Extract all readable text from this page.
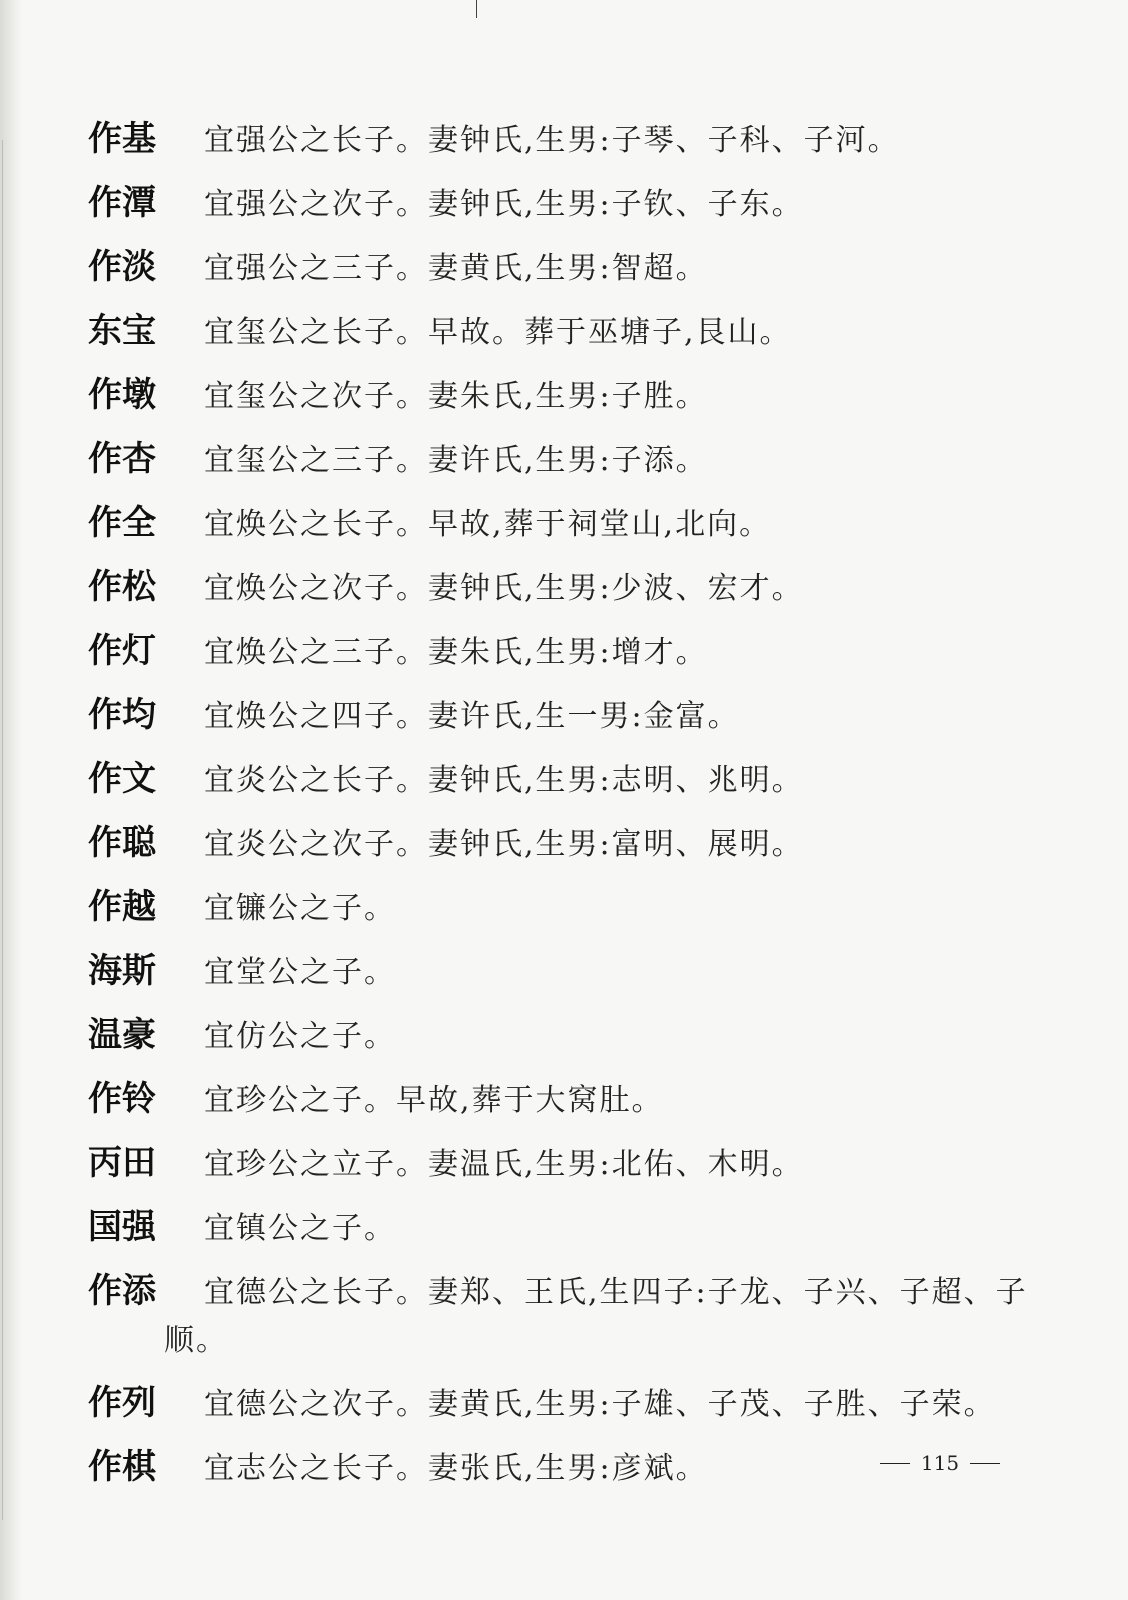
作基 宜强公之长子。妻钟氏,生男:子琴、子科、子河。
作潭 宜强公之次子。妻钟氏,生男:子钦、子东。
作淡 宜强公之三子。妻黄氏,生男:智超。
东宝 宜玺公之长子。早故。葬于巫塘子,艮山。
作墩 宜玺公之次子。妻朱氏,生男:子胜。
作杏 宜玺公之三子。妻许氏,生男:子添。
作全 宜焕公之长子。早故,葬于祠堂山,北向。
作松 宜焕公之次子。妻钟氏,生男:少波、宏才。
作灯 宜焕公之三子。妻朱氏,生男:增才。
作均 宜焕公之四子。妻许氏,生一男:金富。
作文 宜炎公之长子。妻钟氏,生男:志明、兆明。
作聪 宜炎公之次子。妻钟氏,生男:富明、展明。
作越 宜镰公之子。
海斯 宜堂公之子。
温豪 宜仿公之子。
作铃 宜珍公之子。早故,葬于大窝肚。
丙田 宜珍公之立子。妻温氏,生男:北佑、木明。
国强 宜镇公之子。
作添 宜德公之长子。妻郑、王氏,生四子:子龙、子兴、子超、子顺。
作列 宜德公之次子。妻黄氏,生男:子雄、子茂、子胜、子荣。
作棋 宜志公之长子。妻张氏,生男:彦斌。	115
